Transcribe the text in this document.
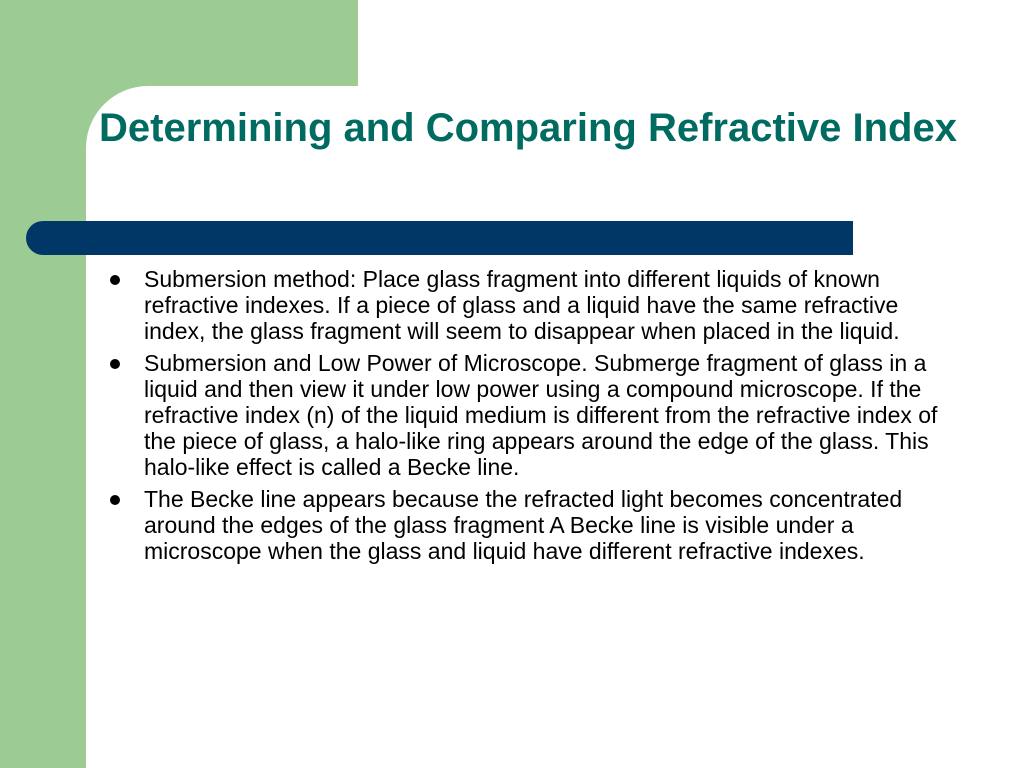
Determining and Comparing Refractive Index
Submersion method: Place glass fragment into different liquids of known refractive indexes. If a piece of glass and a liquid have the same refractive index, the glass fragment will seem to disappear when placed in the liquid.
Submersion and Low Power of Microscope. Submerge fragment of glass in a liquid and then view it under low power using a compound microscope. If the refractive index (n) of the liquid medium is different from the refractive index of the piece of glass, a halo-like ring appears around the edge of the glass. This halo-like effect is called a Becke line.
The Becke line appears because the refracted light becomes concentrated around the edges of the glass fragment A Becke line is visible under a microscope when the glass and liquid have different refractive indexes.
